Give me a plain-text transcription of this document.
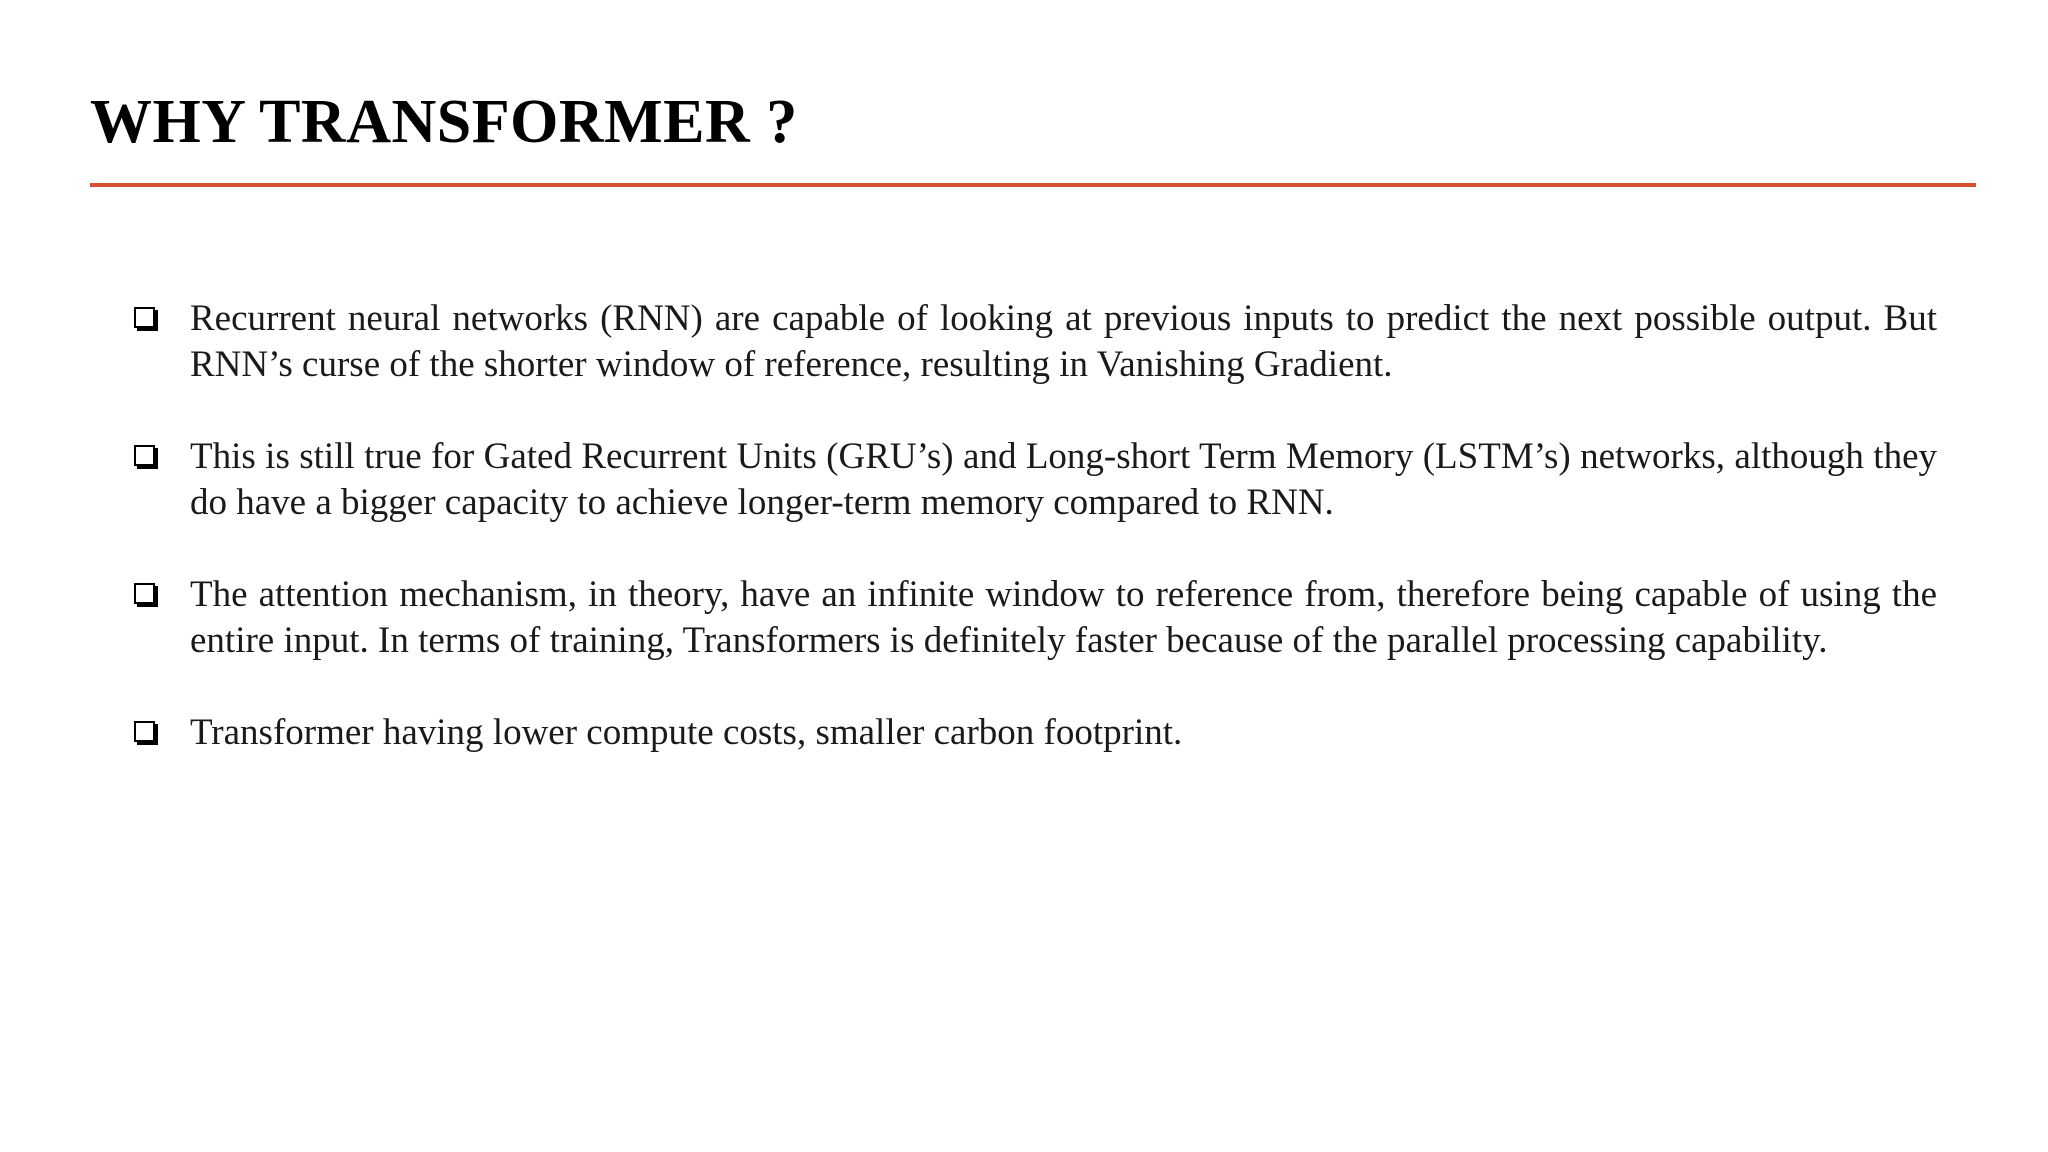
WHY TRANSFORMER ?
Recurrent neural networks (RNN) are capable of looking at previous inputs to predict the next possible output. But RNN’s curse of the shorter window of reference, resulting in Vanishing Gradient.
This is still true for Gated Recurrent Units (GRU’s) and Long-short Term Memory (LSTM’s) networks, although they do have a bigger capacity to achieve longer-term memory compared to RNN.
The attention mechanism, in theory, have an infinite window to reference from, therefore being capable of using the entire input. In terms of training, Transformers is definitely faster because of the parallel processing capability.
Transformer having lower compute costs, smaller carbon footprint.
